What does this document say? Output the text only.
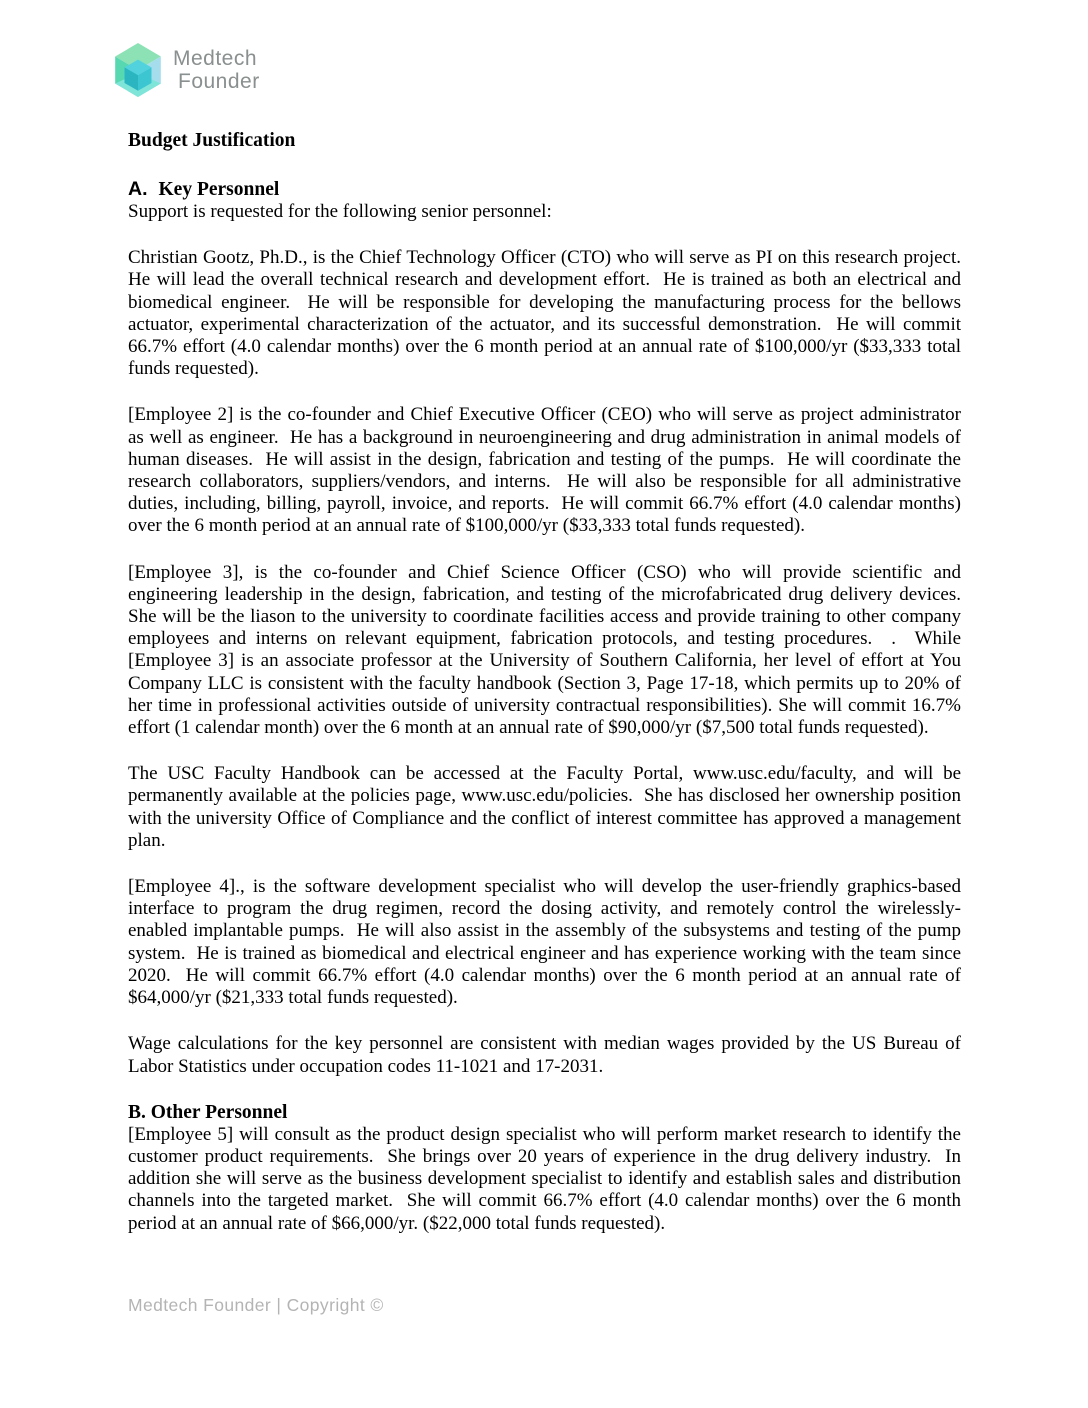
Medtech
Founder

Budget Justification

A. Key Personnel

Support is requested for the following senior personnel:

Christian Gootz, Ph.D., is the Chief Technology Officer (CTO) who will serve as PI on this research project.  He will lead the overall technical research and development effort.  He is trained as both an electrical and biomedical engineer.  He will be responsible for developing the manufacturing process for the bellows actuator, experimental characterization of the actuator, and its successful demonstration.  He will commit 66.7% effort (4.0 calendar months) over the 6 month period at an annual rate of $100,000/yr ($33,333 total funds requested).

[Employee 2] is the co-founder and Chief Executive Officer (CEO) who will serve as project administrator as well as engineer.  He has a background in neuroengineering and drug administration in animal models of human diseases.  He will assist in the design, fabrication and testing of the pumps.  He will coordinate the research collaborators, suppliers/vendors, and interns.  He will also be responsible for all administrative duties, including, billing, payroll, invoice, and reports.  He will commit 66.7% effort (4.0 calendar months) over the 6 month period at an annual rate of $100,000/yr ($33,333 total funds requested).

[Employee 3], is the co-founder and Chief Science Officer (CSO) who will provide scientific and engineering leadership in the design, fabrication, and testing of the microfabricated drug delivery devices.  She will be the liason to the university to coordinate facilities access and provide training to other company employees and interns on relevant equipment, fabrication protocols, and testing procedures.  .  While [Employee 3] is an associate professor at the University of Southern California, her level of effort at You Company LLC is consistent with the faculty handbook (Section 3, Page 17-18, which permits up to 20% of her time in professional activities outside of university contractual responsibilities). She will commit 16.7% effort (1 calendar month) over the 6 month at an annual rate of $90,000/yr ($7,500 total funds requested).

The USC Faculty Handbook can be accessed at the Faculty Portal, www.usc.edu/faculty, and will be permanently available at the policies page, www.usc.edu/policies.  She has disclosed her ownership position with the university Office of Compliance and the conflict of interest committee has approved a management plan.

[Employee 4]., is the software development specialist who will develop the user-friendly graphics-based interface to program the drug regimen, record the dosing activity, and remotely control the wirelessly-enabled implantable pumps.  He will also assist in the assembly of the subsystems and testing of the pump system.  He is trained as biomedical and electrical engineer and has experience working with the team since 2020.  He will commit 66.7% effort (4.0 calendar months) over the 6 month period at an annual rate of $64,000/yr ($21,333 total funds requested).

Wage calculations for the key personnel are consistent with median wages provided by the US Bureau of Labor Statistics under occupation codes 11-1021 and 17-2031.

B. Other Personnel

[Employee 5] will consult as the product design specialist who will perform market research to identify the customer product requirements.  She brings over 20 years of experience in the drug delivery industry.  In addition she will serve as the business development specialist to identify and establish sales and distribution channels into the targeted market.  She will commit 66.7% effort (4.0 calendar months) over the 6 month period at an annual rate of $66,000/yr. ($22,000 total funds requested).

Medtech Founder | Copyright ©
